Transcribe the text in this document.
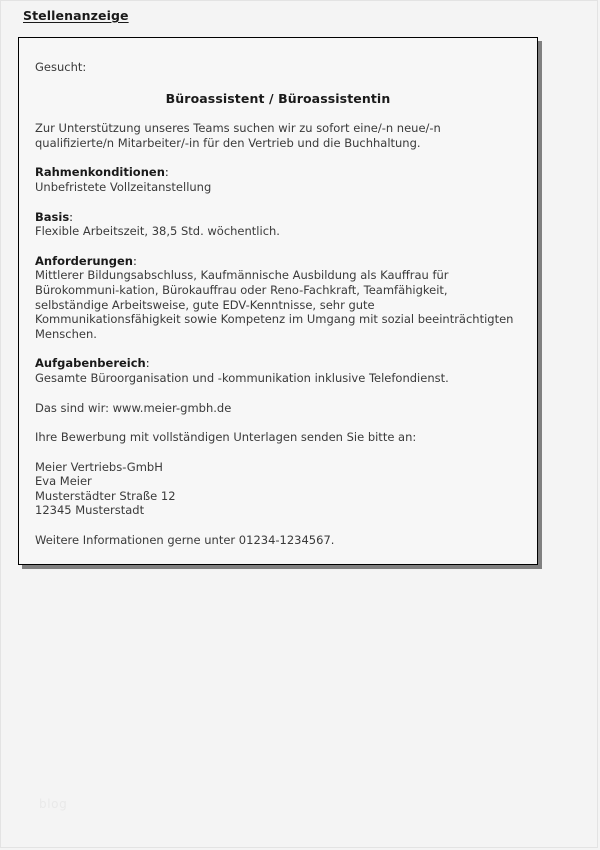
Stellenanzeige
Gesucht:
Büroassistent / Büroassistentin
Zur Unterstützung unseres Teams suchen wir zu sofort eine/-n neue/-n
qualifizierte/n Mitarbeiter/-in für den Vertrieb und die Buchhaltung.
Rahmenkonditionen:
Unbefristete Vollzeitanstellung
Basis:
Flexible Arbeitszeit, 38,5 Std. wöchentlich.
Anforderungen:
Mittlerer Bildungsabschluss, Kaufmännische Ausbildung als Kauffrau für
Bürokommuni-kation, Bürokauffrau oder Reno-Fachkraft, Teamfähigkeit,
selbständige Arbeitsweise, gute EDV-Kenntnisse, sehr gute
Kommunikationsfähigkeit sowie Kompetenz im Umgang mit sozial beeinträchtigten
Menschen.
Aufgabenbereich:
Gesamte Büroorganisation und -kommunikation inklusive Telefondienst.
Das sind wir: www.meier-gmbh.de
Ihre Bewerbung mit vollständigen Unterlagen senden Sie bitte an:
Meier Vertriebs-GmbH
Eva Meier
Musterstädter Straße 12
12345 Musterstadt
Weitere Informationen gerne unter 01234-1234567.
blog
